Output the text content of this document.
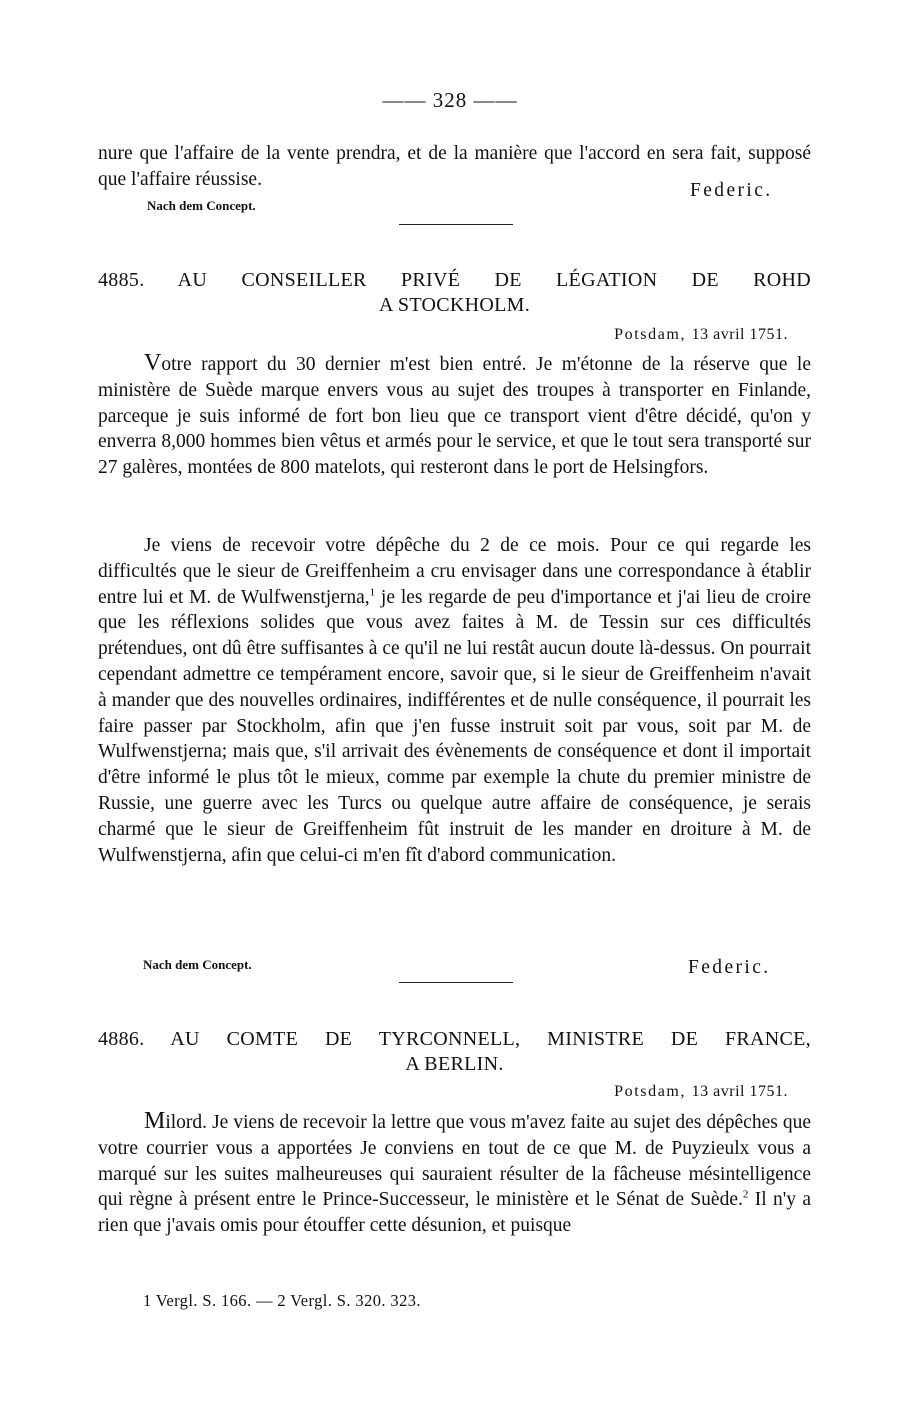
—— 328 ——

nure que l'affaire de la vente prendra, et de la manière que l'accord en sera fait, supposé que l'affaire réussise.

Federic.
Nach dem Concept.
4885. AU CONSEILLER PRIVÉ DE LÉGATION DE ROHD
A STOCKHOLM.
Potsdam, 13 avril 1751.

Votre rapport du 30 dernier m'est bien entré. Je m'étonne de la réserve que le ministère de Suède marque envers vous au sujet des troupes à transporter en Finlande, parceque je suis informé de fort bon lieu que ce transport vient d'être décidé, qu'on y enverra 8,000 hommes bien vêtus et armés pour le service, et que le tout sera transporté sur 27 galères, montées de 800 matelots, qui resteront dans le port de Helsingfors.

Je viens de recevoir votre dépêche du 2 de ce mois. Pour ce qui regarde les difficultés que le sieur de Greiffenheim a cru envisager dans une correspondance à établir entre lui et M. de Wulfwenstjerna,$^1$ je les regarde de peu d'importance et j'ai lieu de croire que les réflexions solides que vous avez faites à M. de Tessin sur ces difficultés prétendues, ont dû être suffisantes à ce qu'il ne lui restât aucun doute là-dessus. On pourrait cependant admettre ce tempérament encore, savoir que, si le sieur de Greiffenheim n'avait à mander que des nouvelles ordinaires, indifférentes et de nulle conséquence, il pourrait les faire passer par Stockholm, afin que j'en fusse instruit soit par vous, soit par M. de Wulfwenstjerna; mais que, s'il arrivait des évènements de conséquence et dont il importait d'être informé le plus tôt le mieux, comme par exemple la chute du premier ministre de Russie, une guerre avec les Turcs ou quelque autre affaire de conséquence, je serais charmé que le sieur de Greiffenheim fût instruit de les mander en droiture à M. de Wulfwenstjerna, afin que celui-ci m'en fît d'abord communication.

Nach dem Concept.	Federic.
4886. AU COMTE DE TYRCONNELL, MINISTRE DE FRANCE,
A BERLIN.
Potsdam, 13 avril 1751.

Milord. Je viens de recevoir la lettre que vous m'avez faite au sujet des dépêches que votre courrier vous a apportées Je conviens en tout de ce que M. de Puyzieulx vous a marqué sur les suites malheureuses qui sauraient résulter de la fâcheuse mésintelligence qui règne à présent entre le Prince-Successeur, le ministère et le Sénat de Suède.$^2$ Il n'y a rien que j'avais omis pour étouffer cette désunion, et puisque

1 Vergl. S. 166. — 2 Vergl. S. 320. 323.
